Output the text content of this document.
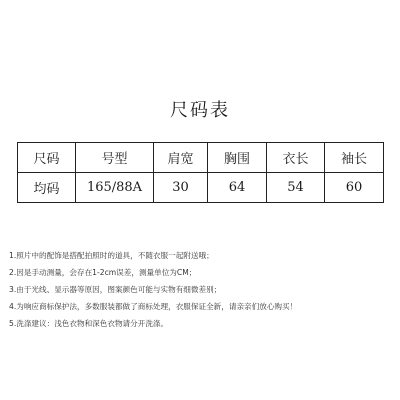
尺码表
尺码	号型	肩宽	胸围	衣长	袖长
均码	165/88A	30	64	54	60
1.照片中的配饰是搭配拍照时的道具，不随衣服一起附送哦；
2.因是手动测量，会存在1-2cm误差，测量单位为CM；
3.由于光线、显示器等原因，图案颜色可能与实物有细微差别；
4.为响应商标保护法，多数服装都做了商标处理，衣服保证全新，请亲亲们放心购买！
5.洗涤建议：浅色衣物和深色衣物请分开洗涤。
